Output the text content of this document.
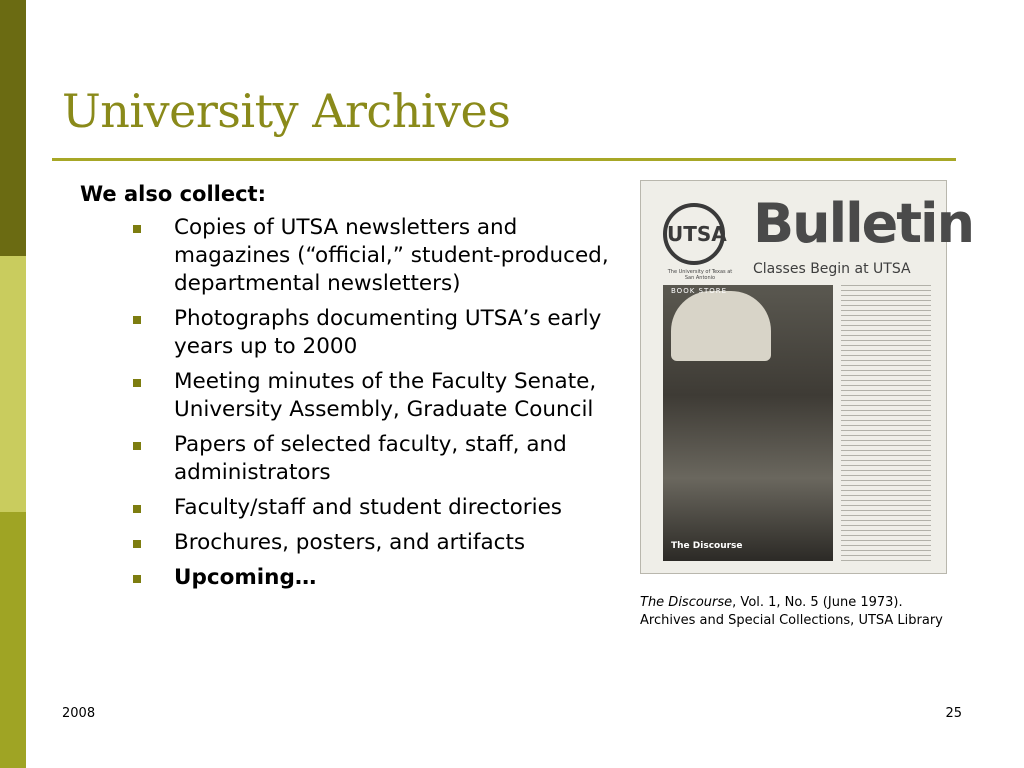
University Archives

We also collect:

Copies of UTSA newsletters and magazines (“official,” student-produced, departmental newsletters)
Photographs documenting UTSA’s early years up to 2000
Meeting minutes of the Faculty Senate, University Assembly, Graduate Council
Papers of selected faculty, staff, and administrators
Faculty/staff and student directories
Brochures, posters, and artifacts
Upcoming…
UTSA
The University of Texas at San Antonio
Bulletin
Classes Begin at UTSA
BOOK STORE
The Discourse
The Discourse, Vol. 1, No. 5 (June 1973).
Archives and Special Collections, UTSA Library
2008	25
